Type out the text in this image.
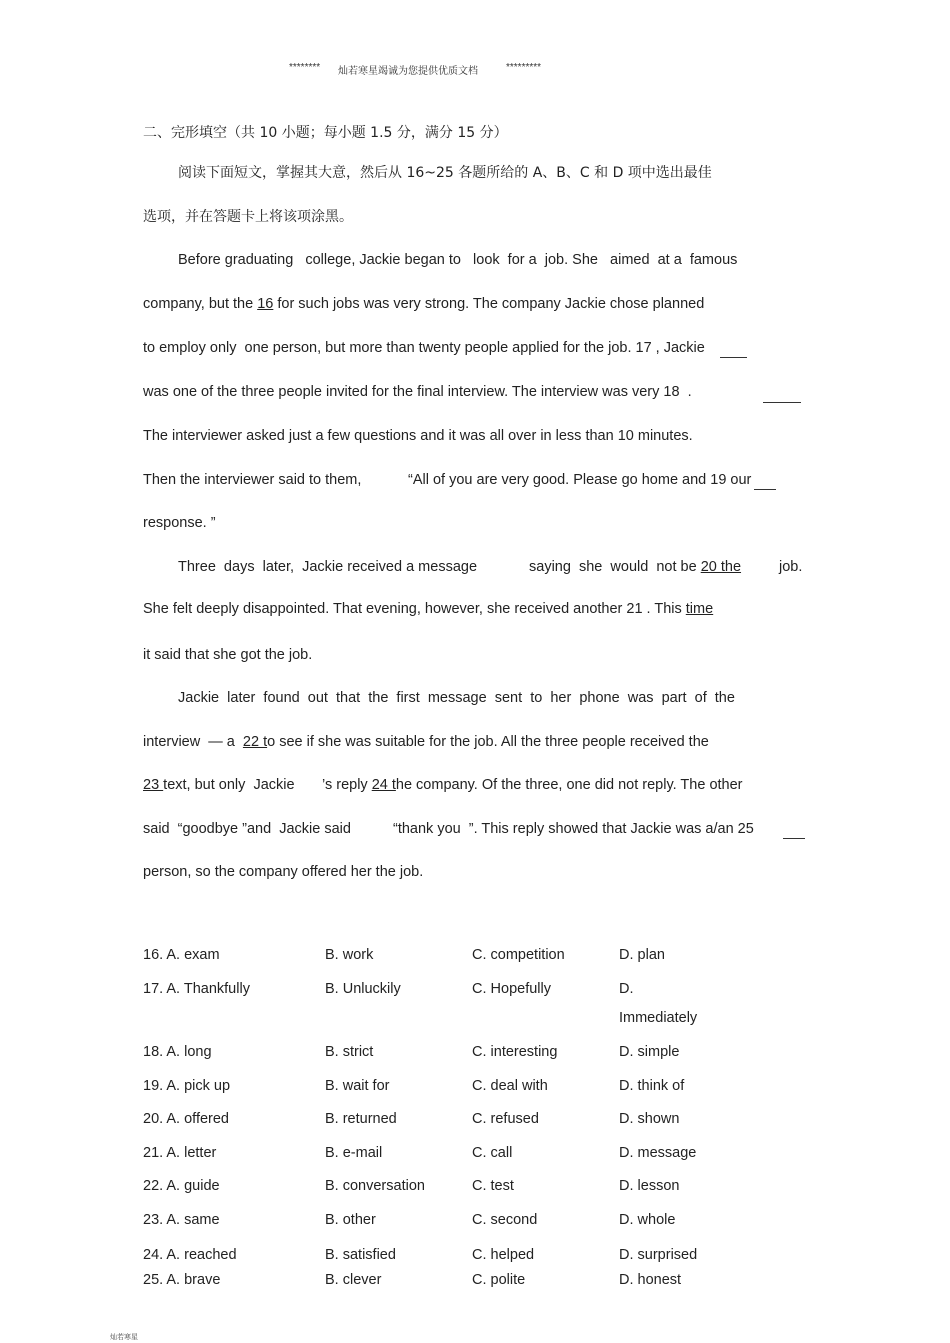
******** 灿若寒星竭诚为您提供优质文档	*********
二、完形填空（共 10 小题；每小题 1.5 分，满分 15 分）
阅读下面短文，掌握其大意，然后从 16~25 各题所给的 A、B、C 和 D 项中选出最佳
选项，并在答题卡上将该项涂黑。
Before graduating   college, Jackie began to   look  for a  job. She   aimed  at a  famous
company, but the 16 for such jobs was very strong. The company Jackie chose planned
to employ only  one person, but more than twenty people applied for the job. 17 , Jackie
was one of the three people invited for the final interview. The interview was very 18  .
The interviewer asked just a few questions and it was all over in less than 10 minutes.
Then the interviewer said to them,	“All of you are very good. Please go home and 19 our
response. ”
Three  days  later,  Jackie received a message	saying  she  would  not be 20 the	job.
She felt deeply disappointed. That evening, however, she received another 21 . This time
it said that she got the job.
Jackie  later  found  out  that  the  first  message  sent  to  her  phone  was  part  of  the
interview  — a  22 to see if she was suitable for the job. All the three people received the
23 text, but only  Jackie ’s reply 24 the company. Of the three, one did not reply. The other
said  “goodbye ”and  Jackie said	“thank you  ”. This reply showed that Jackie was a/an 25
person, so the company offered her the job.
16. A. exam	B. work	C. competition	D. plan
17. A. Thankfully	B. Unluckily	C. Hopefully	D.
Immediately
18. A. long	B. strict	C. interesting	D. simple
19. A. pick up	B. wait for	C. deal with	D. think of
20. A. offered	B. returned	C. refused	D. shown
21. A. letter	B. e-mail	C. call	D. message
22. A. guide	B. conversation	C. test	D. lesson
23. A. same	B. other	C. second	D. whole
24. A. reached	B. satisfied	C. helped	D. surprised
25. A. brave	B. clever	C. polite	D. honest
灿若寒星
